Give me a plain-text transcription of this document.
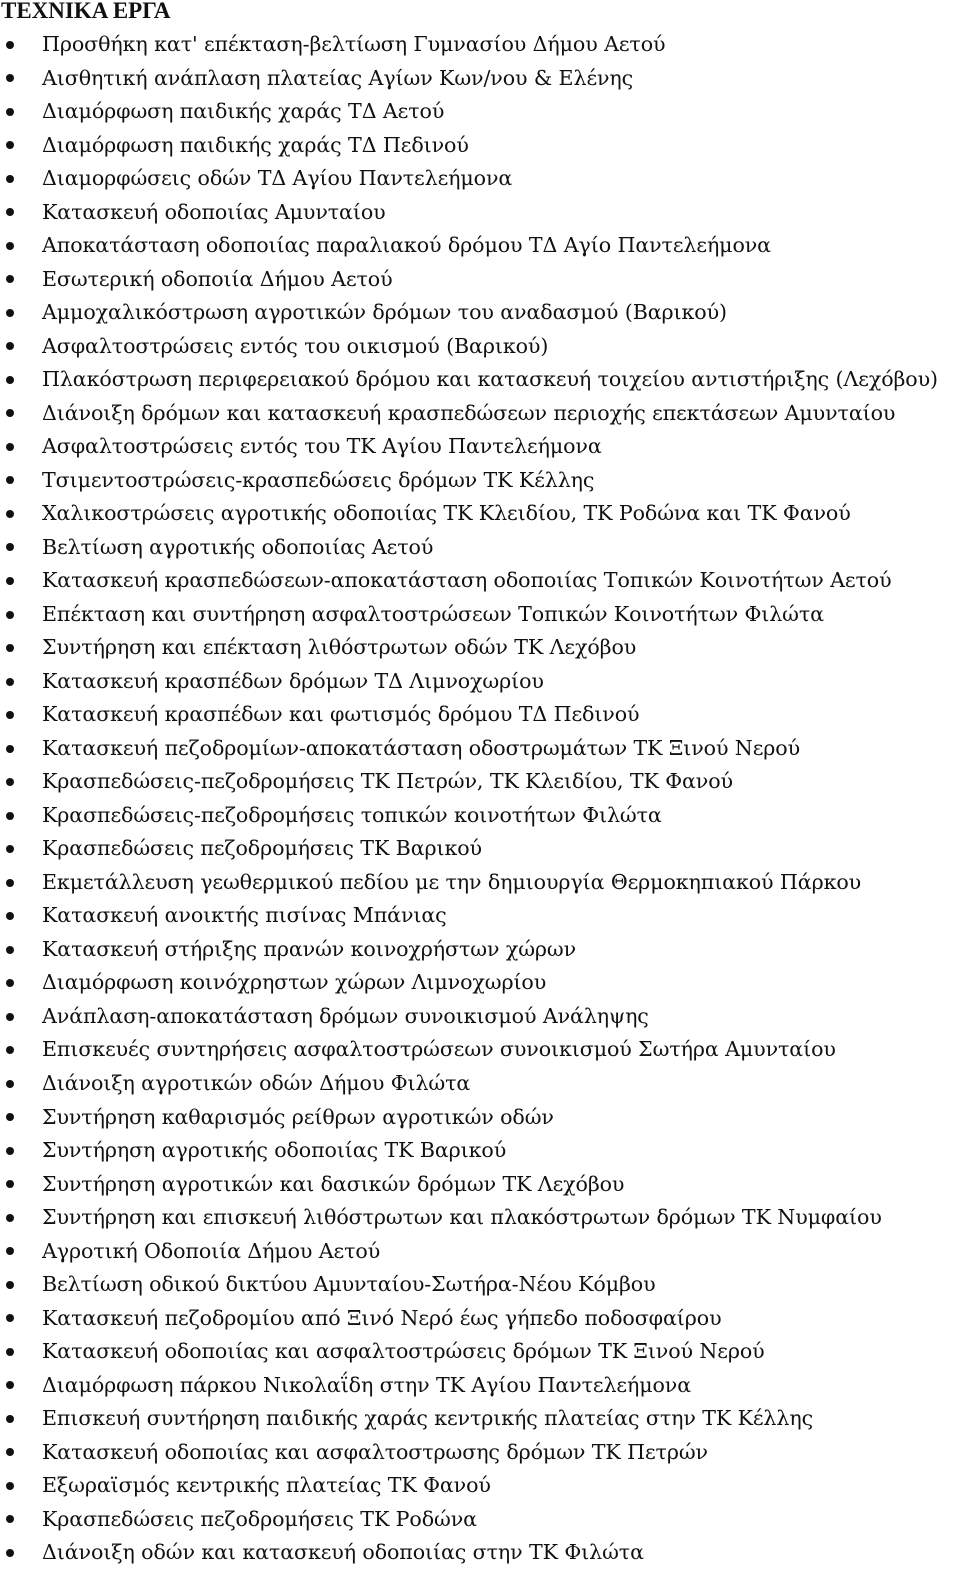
ΤΕΧΝΙΚΑ ΕΡΓΑ
Προσθήκη κατ' επέκταση-βελτίωση Γυμνασίου Δήμου Αετού
Αισθητική ανάπλαση πλατείας Αγίων Κων/νου & Ελένης
Διαμόρφωση παιδικής χαράς ΤΔ Αετού
Διαμόρφωση παιδικής χαράς ΤΔ Πεδινού
Διαμορφώσεις οδών ΤΔ Αγίου Παντελεήμονα
Κατασκευή οδοποιίας Αμυνταίου
Αποκατάσταση οδοποιίας παραλιακού δρόμου ΤΔ Αγίο Παντελεήμονα
Εσωτερική οδοποιία Δήμου Αετού
Αμμοχαλικόστρωση αγροτικών δρόμων του αναδασμού (Βαρικού)
Ασφαλτοστρώσεις εντός του οικισμού (Βαρικού)
Πλακόστρωση περιφερειακού δρόμου και κατασκευή τοιχείου αντιστήριξης (Λεχόβου)
Διάνοιξη δρόμων και κατασκευή κρασπεδώσεων περιοχής επεκτάσεων Αμυνταίου
Ασφαλτοστρώσεις εντός του ΤΚ Αγίου Παντελεήμονα
Τσιμεντοστρώσεις-κρασπεδώσεις δρόμων ΤΚ Κέλλης
Χαλικοστρώσεις αγροτικής οδοποιίας ΤΚ Κλειδίου, ΤΚ Ροδώνα και ΤΚ Φανού
Βελτίωση αγροτικής οδοποιίας Αετού
Κατασκευή κρασπεδώσεων-αποκατάσταση οδοποιίας Τοπικών Κοινοτήτων Αετού
Επέκταση και συντήρηση ασφαλτοστρώσεων Τοπικών Κοινοτήτων Φιλώτα
Συντήρηση και επέκταση λιθόστρωτων οδών ΤΚ Λεχόβου
Κατασκευή κρασπέδων δρόμων ΤΔ Λιμνοχωρίου
Κατασκευή κρασπέδων και φωτισμός δρόμου ΤΔ Πεδινού
Κατασκευή πεζοδρομίων-αποκατάσταση οδοστρωμάτων ΤΚ Ξινού Νερού
Κρασπεδώσεις-πεζοδρομήσεις ΤΚ Πετρών, ΤΚ Κλειδίου, ΤΚ Φανού
Κρασπεδώσεις-πεζοδρομήσεις τοπικών κοινοτήτων Φιλώτα
Κρασπεδώσεις πεζοδρομήσεις ΤΚ Βαρικού
Εκμετάλλευση γεωθερμικού πεδίου με την δημιουργία Θερμοκηπιακού Πάρκου
Κατασκευή ανοικτής πισίνας Μπάνιας
Κατασκευή στήριξης πρανών κοινοχρήστων χώρων
Διαμόρφωση κοινόχρηστων χώρων Λιμνοχωρίου
Ανάπλαση-αποκατάσταση δρόμων συνοικισμού Ανάληψης
Επισκευές συντηρήσεις ασφαλτοστρώσεων συνοικισμού Σωτήρα Αμυνταίου
Διάνοιξη αγροτικών οδών Δήμου Φιλώτα
Συντήρηση καθαρισμός ρείθρων αγροτικών οδών
Συντήρηση αγροτικής οδοποιίας ΤΚ Βαρικού
Συντήρηση αγροτικών και δασικών δρόμων ΤΚ Λεχόβου
Συντήρηση και επισκευή λιθόστρωτων και πλακόστρωτων δρόμων ΤΚ Νυμφαίου
Αγροτική Οδοποιία Δήμου Αετού
Βελτίωση οδικού δικτύου Αμυνταίου-Σωτήρα-Νέου Κόμβου
Κατασκευή πεζοδρομίου από Ξινό Νερό έως γήπεδο ποδοσφαίρου
Κατασκευή οδοποιίας και ασφαλτοστρώσεις δρόμων ΤΚ Ξινού Νερού
Διαμόρφωση πάρκου Νικολαΐδη στην ΤΚ Αγίου Παντελεήμονα
Επισκευή συντήρηση παιδικής χαράς κεντρικής πλατείας στην ΤΚ Κέλλης
Κατασκευή οδοποιίας και ασφαλτοστρωσης δρόμων ΤΚ Πετρών
Εξωραϊσμός κεντρικής πλατείας ΤΚ Φανού
Κρασπεδώσεις πεζοδρομήσεις ΤΚ Ροδώνα
Διάνοιξη οδών και κατασκευή οδοποιίας στην ΤΚ Φιλώτα
